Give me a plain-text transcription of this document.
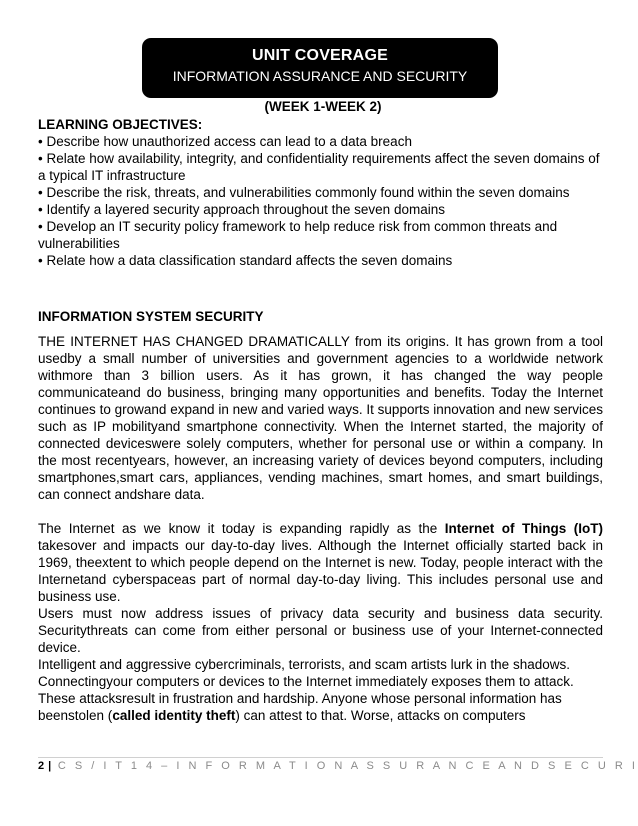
UNIT COVERAGE
INFORMATION ASSURANCE AND SECURITY
(WEEK 1-WEEK 2)
LEARNING OBJECTIVES:
• Describe how unauthorized access can lead to a data breach
• Relate how availability, integrity, and confidentiality requirements affect the seven domains of a typical IT infrastructure
• Describe the risk, threats, and vulnerabilities commonly found within the seven domains
• Identify a layered security approach throughout the seven domains
• Develop an IT security policy framework to help reduce risk from common threats and vulnerabilities
• Relate how a data classification standard affects the seven domains
INFORMATION SYSTEM SECURITY

THE INTERNET HAS CHANGED DRAMATICALLY from its origins. It has grown from a tool usedby a small number of universities and government agencies to a worldwide network withmore than 3 billion users. As it has grown, it has changed the way people communicateand do business, bringing many opportunities and benefits. Today the Internet continues to growand expand in new and varied ways. It supports innovation and new services such as IP mobilityand smartphone connectivity. When the Internet started, the majority of connected deviceswere solely computers, whether for personal use or within a company. In the most recentyears, however, an increasing variety of devices beyond computers, including smartphones,smart cars, appliances, vending machines, smart homes, and smart buildings, can connect andshare data.

The Internet as we know it today is expanding rapidly as the Internet of Things (IoT) takesover and impacts our day-to-day lives. Although the Internet officially started back in 1969, theextent to which people depend on the Internet is new. Today, people interact with the Internetand cyberspaceas part of normal day-to-day living. This includes personal use and business use.

Users must now address issues of privacy data security and business data security. Securitythreats can come from either personal or business use of your Internet-connected device.

Intelligent and aggressive cybercriminals, terrorists, and scam artists lurk in the shadows.

Connectingyour computers or devices to the Internet immediately exposes them to attack.

These attacksresult in frustration and hardship. Anyone whose personal information has beenstolen (called identity theft) can attest to that. Worse, attacks on computers

2 | C S / I T 1 4 – I N F O R M A T I O N A S S U R A N C E A N D S E C U R I
